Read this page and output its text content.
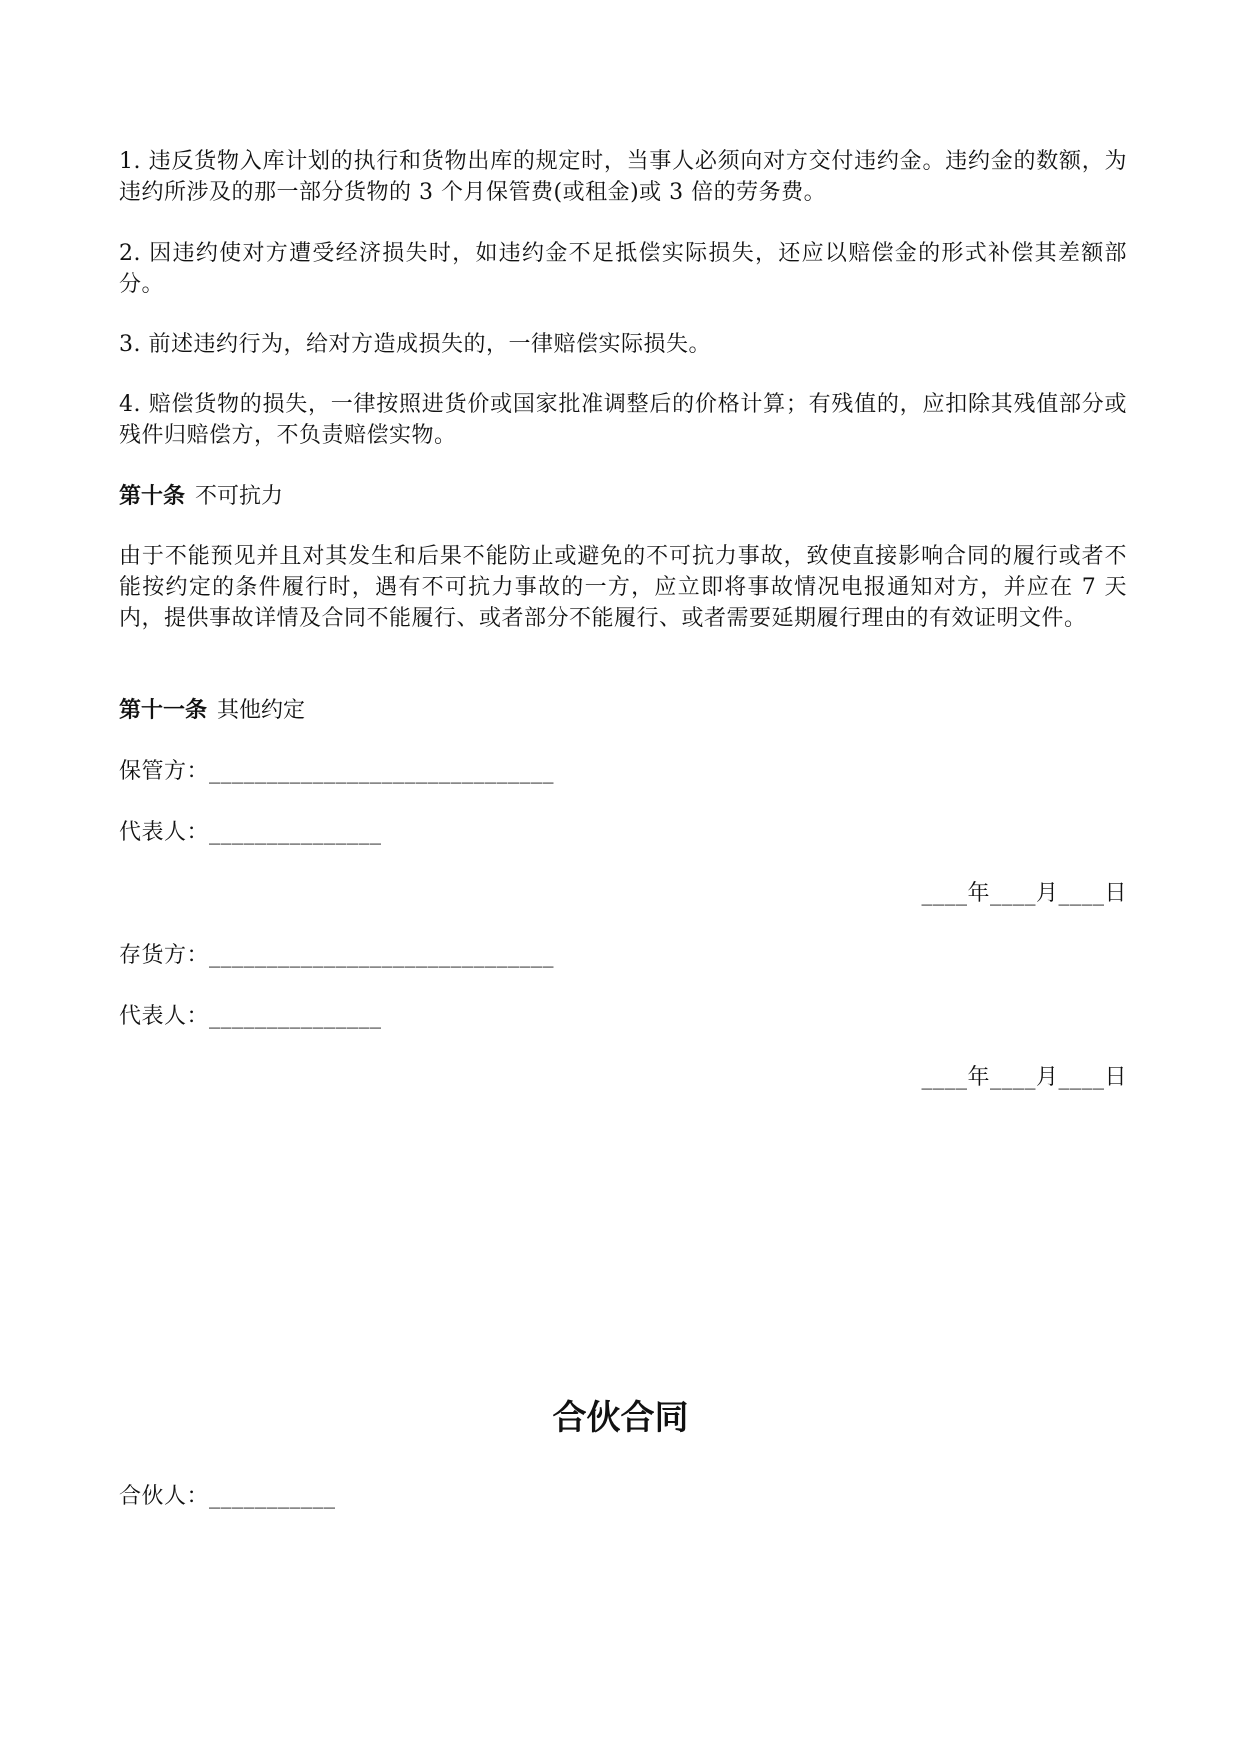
1. 违反货物入库计划的执行和货物出库的规定时，当事人必须向对方交付违约金。违约金的数额，为违约所涉及的那一部分货物的 3 个月保管费(或租金)或 3 倍的劳务费。

2. 因违约使对方遭受经济损失时，如违约金不足抵偿实际损失，还应以赔偿金的形式补偿其差额部分。

3. 前述违约行为，给对方造成损失的，一律赔偿实际损失。

4. 赔偿货物的损失，一律按照进货价或国家批准调整后的价格计算；有残值的，应扣除其残值部分或残件归赔偿方，不负责赔偿实物。

第十条 不可抗力

由于不能预见并且对其发生和后果不能防止或避免的不可抗力事故，致使直接影响合同的履行或者不能按约定的条件履行时，遇有不可抗力事故的一方，应立即将事故情况电报通知对方，并应在 7 天内，提供事故详情及合同不能履行、或者部分不能履行、或者需要延期履行理由的有效证明文件。

第十一条 其他约定
保管方：______________________________
代表人：_______________
____年____月____日
存货方：______________________________
代表人：_______________
____年____月____日
合伙合同
合伙人：___________
